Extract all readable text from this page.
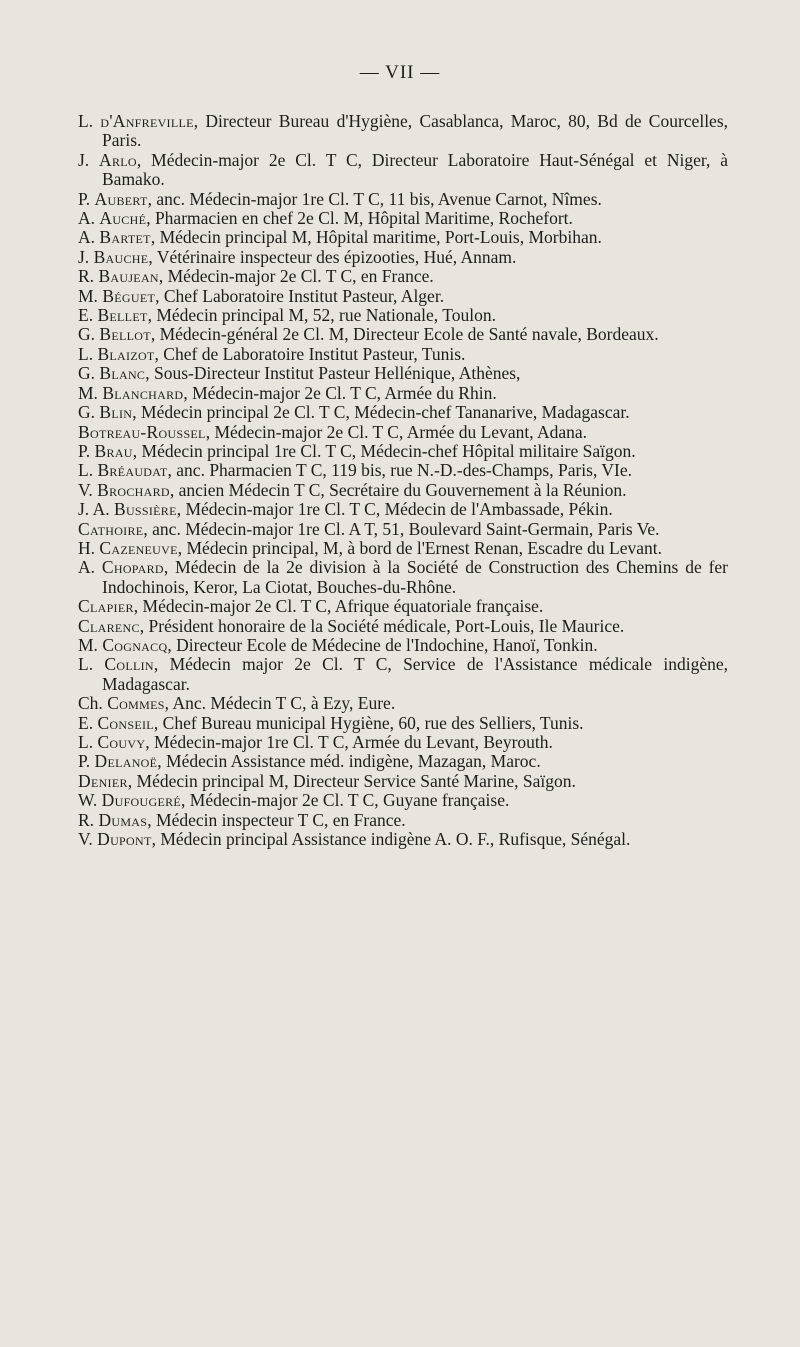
— VII —
L. d'Anfreville, Directeur Bureau d'Hygiène, Casablanca, Maroc, 80, Bd de Courcelles, Paris.
J. Arlo, Médecin-major 2e Cl. T C, Directeur Laboratoire Haut-Sénégal et Niger, à Bamako.
P. Aubert, anc. Médecin-major 1re Cl. T C, 11 bis, Avenue Carnot, Nîmes.
A. Auché, Pharmacien en chef 2e Cl. M, Hôpital Maritime, Rochefort.
A. Bartet, Médecin principal M, Hôpital maritime, Port-Louis, Morbihan.
J. Bauche, Vétérinaire inspecteur des épizooties, Hué, Annam.
R. Baujean, Médecin-major 2e Cl. T C, en France.
M. Béguet, Chef Laboratoire Institut Pasteur, Alger.
E. Bellet, Médecin principal M, 52, rue Nationale, Toulon.
G. Bellot, Médecin-général 2e Cl. M, Directeur Ecole de Santé navale, Bordeaux.
L. Blaizot, Chef de Laboratoire Institut Pasteur, Tunis.
G. Blanc, Sous-Directeur Institut Pasteur Hellénique, Athènes,
M. Blanchard, Médecin-major 2e Cl. T C, Armée du Rhin.
G. Blin, Médecin principal 2e Cl. T C, Médecin-chef Tananarive, Madagascar.
Botreau-Roussel, Médecin-major 2e Cl. T C, Armée du Levant, Adana.
P. Brau, Médecin principal 1re Cl. T C, Médecin-chef Hôpital militaire Saïgon.
L. Bréaudat, anc. Pharmacien T C, 119 bis, rue N.-D.-des-Champs, Paris, VIe.
V. Brochard, ancien Médecin T C, Secrétaire du Gouvernement à la Réunion.
J. A. Bussière, Médecin-major 1re Cl. T C, Médecin de l'Ambassade, Pékin.
Cathoire, anc. Médecin-major 1re Cl. A T, 51, Boulevard Saint-Germain, Paris Ve.
H. Cazeneuve, Médecin principal, M, à bord de l'Ernest Renan, Escadre du Levant.
A. Chopard, Médecin de la 2e division à la Société de Construction des Chemins de fer Indochinois, Keror, La Ciotat, Bouches-du-Rhône.
Clapier, Médecin-major 2e Cl. T C, Afrique équatoriale française.
Clarenc, Président honoraire de la Société médicale, Port-Louis, Ile Maurice.
M. Cognacq, Directeur Ecole de Médecine de l'Indochine, Hanoï, Tonkin.
L. Collin, Médecin major 2e Cl. T C, Service de l'Assistance médicale indigène, Madagascar.
Ch. Commes, Anc. Médecin T C, à Ezy, Eure.
E. Conseil, Chef Bureau municipal Hygiène, 60, rue des Selliers, Tunis.
L. Couvy, Médecin-major 1re Cl. T C, Armée du Levant, Beyrouth.
P. Delanoë, Médecin Assistance méd. indigène, Mazagan, Maroc.
Denier, Médecin principal M, Directeur Service Santé Marine, Saïgon.
W. Dufougeré, Médecin-major 2e Cl. T C, Guyane française.
R. Dumas, Médecin inspecteur T C, en France.
V. Dupont, Médecin principal Assistance indigène A. O. F., Rufisque, Sénégal.
